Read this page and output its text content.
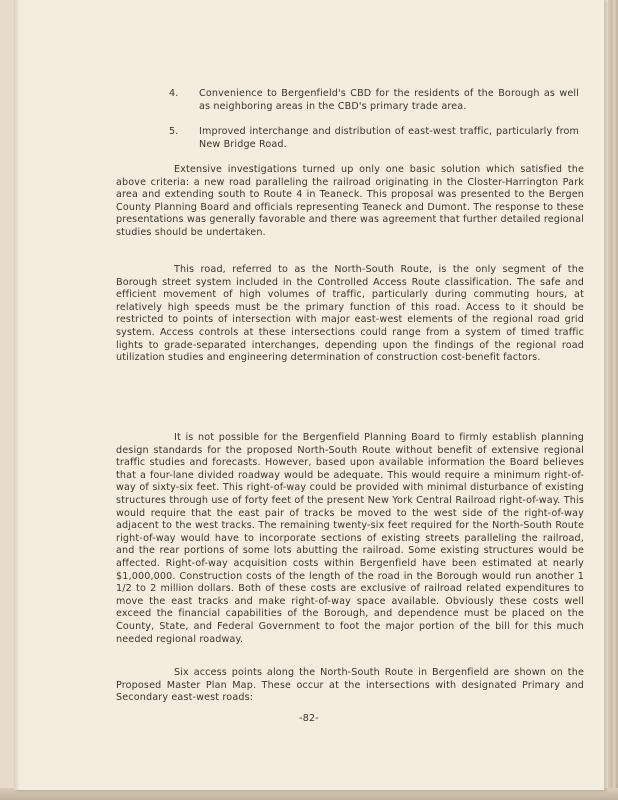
4. Convenience to Bergenfield's CBD for the residents of the Borough as well as neighboring areas in the CBD's primary trade area.
5. Improved interchange and distribution of east-west traffic, particularly from New Bridge Road.

Extensive investigations turned up only one basic solution which satisfied the above criteria: a new road paralleling the railroad originating in the Closter-Harrington Park area and extending south to Route 4 in Teaneck. This proposal was presented to the Bergen County Planning Board and officials representing Teaneck and Dumont. The response to these presentations was generally favorable and there was agreement that further detailed regional studies should be undertaken.

This road, referred to as the North-South Route, is the only segment of the Borough street system included in the Controlled Access Route classification. The safe and efficient movement of high volumes of traffic, particularly during commuting hours, at relatively high speeds must be the primary function of this road. Access to it should be restricted to points of intersection with major east-west elements of the regional road grid system. Access controls at these intersections could range from a system of timed traffic lights to grade-separated interchanges, depending upon the findings of the regional road utilization studies and engineering determination of construction cost-benefit factors.

It is not possible for the Bergenfield Planning Board to firmly establish planning design standards for the proposed North-South Route without benefit of extensive regional traffic studies and forecasts. However, based upon available information the Board believes that a four-lane divided roadway would be adequate. This would require a minimum right-of-way of sixty-six feet. This right-of-way could be provided with minimal disturbance of existing structures through use of forty feet of the present New York Central Railroad right-of-way. This would require that the east pair of tracks be moved to the west side of the right-of-way adjacent to the west tracks. The remaining twenty-six feet required for the North-South Route right-of-way would have to incorporate sections of existing streets paralleling the railroad, and the rear portions of some lots abutting the railroad. Some existing structures would be affected. Right-of-way acquisition costs within Bergenfield have been estimated at nearly $1,000,000. Construction costs of the length of the road in the Borough would run another 1 1/2 to 2 million dollars. Both of these costs are exclusive of railroad related expenditures to move the east tracks and make right-of-way space available. Obviously these costs well exceed the financial capabilities of the Borough, and dependence must be placed on the County, State, and Federal Government to foot the major portion of the bill for this much needed regional roadway.

Six access points along the North-South Route in Bergenfield are shown on the Proposed Master Plan Map. These occur at the intersections with designated Primary and Secondary east-west roads:

-82-
